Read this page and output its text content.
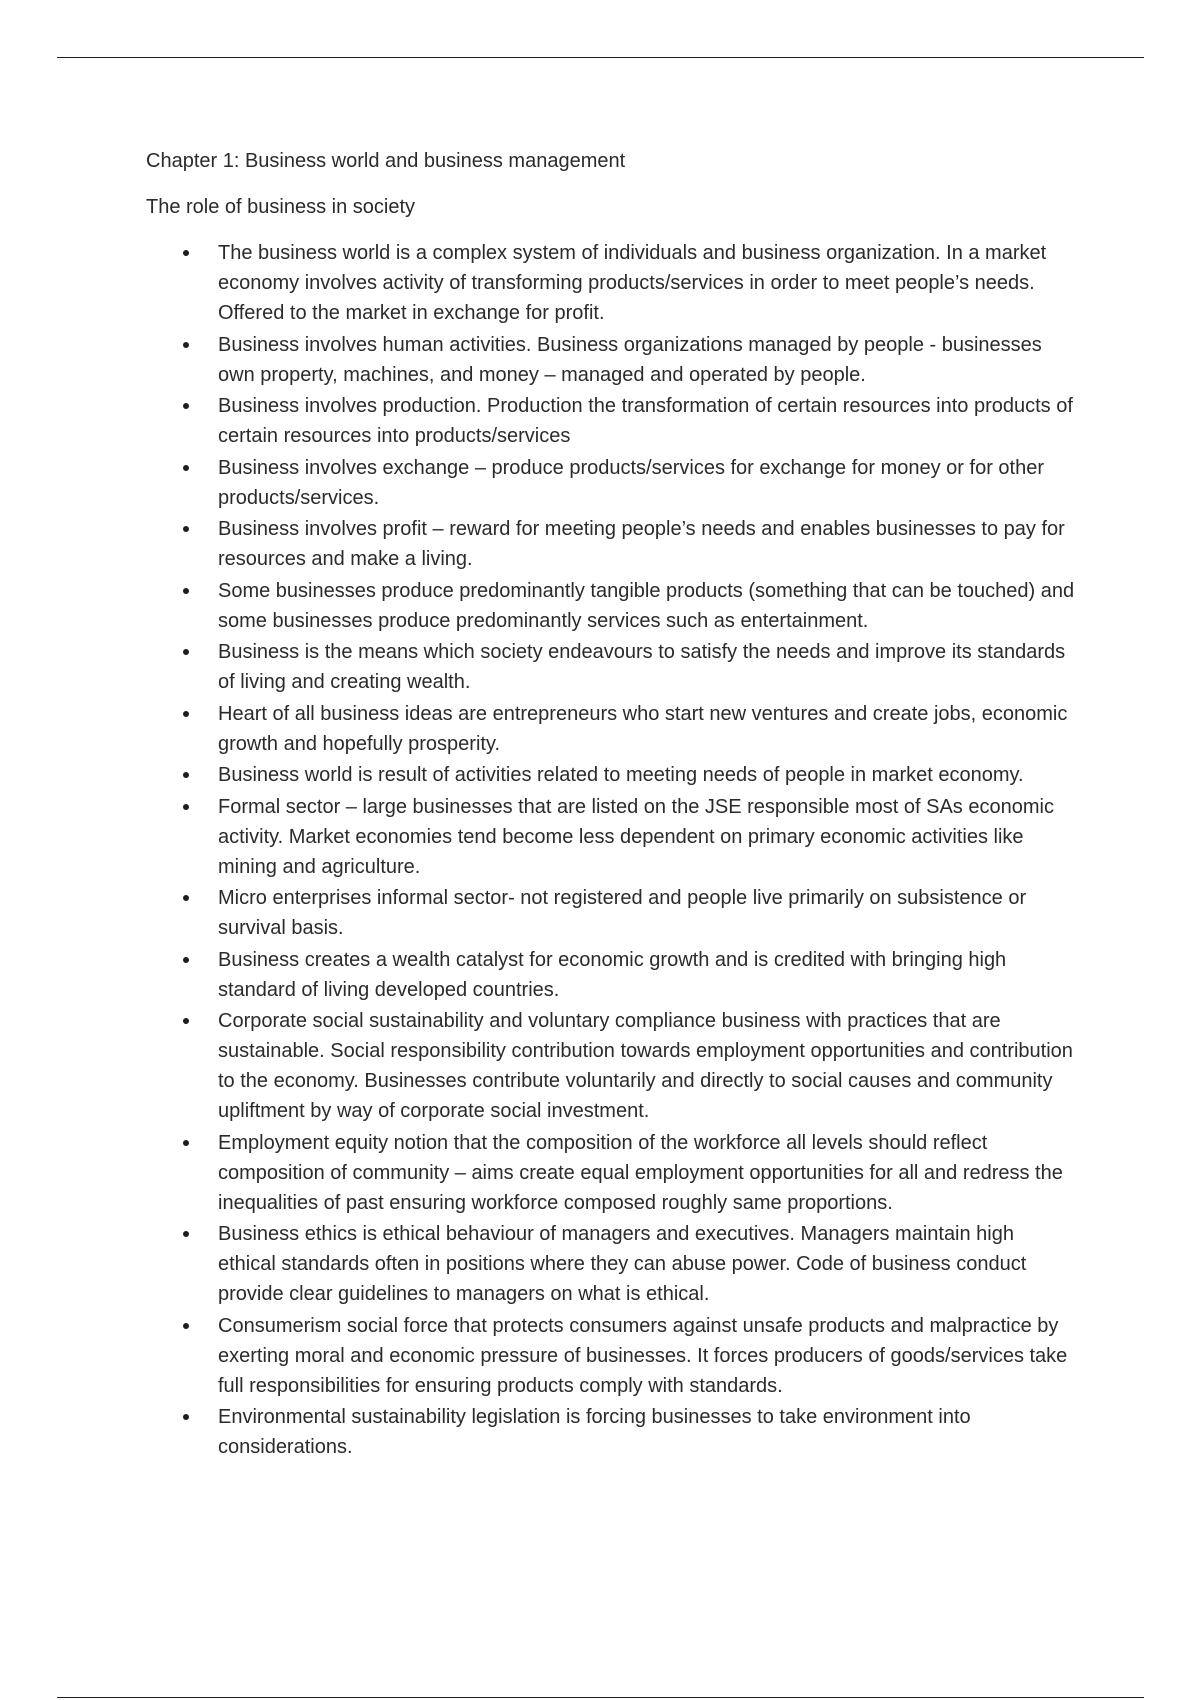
Chapter 1: Business world and business management
The role of business in society
The business world is a complex system of individuals and business organization. In a market economy involves activity of transforming products/services in order to meet people’s needs. Offered to the market in exchange for profit.
Business involves human activities. Business organizations managed by people - businesses own property, machines, and money – managed and operated by people.
Business involves production. Production the transformation of certain resources into products of certain resources into products/services
Business involves exchange – produce products/services for exchange for money or for other products/services.
Business involves profit – reward for meeting people’s needs and enables businesses to pay for resources and make a living.
Some businesses produce predominantly tangible products (something that can be touched) and some businesses produce predominantly services such as entertainment.
Business is the means which society endeavours to satisfy the needs and improve its standards of living and creating wealth.
Heart of all business ideas are entrepreneurs who start new ventures and create jobs, economic growth and hopefully prosperity.
Business world is result of activities related to meeting needs of people in market economy.
Formal sector – large businesses that are listed on the JSE responsible most of SAs economic activity. Market economies tend become less dependent on primary economic activities like mining and agriculture.
Micro enterprises informal sector- not registered and people live primarily on subsistence or survival basis.
Business creates a wealth catalyst for economic growth and is credited with bringing high standard of living developed countries.
Corporate social sustainability and voluntary compliance business with practices that are sustainable. Social responsibility contribution towards employment opportunities and contribution to the economy. Businesses contribute voluntarily and directly to social causes and community upliftment by way of corporate social investment.
Employment equity notion that the composition of the workforce all levels should reflect composition of community – aims create equal employment opportunities for all and redress the inequalities of past ensuring workforce composed roughly same proportions.
Business ethics is ethical behaviour of managers and executives. Managers maintain high ethical standards often in positions where they can abuse power. Code of business conduct provide clear guidelines to managers on what is ethical.
Consumerism social force that protects consumers against unsafe products and malpractice by exerting moral and economic pressure of businesses. It forces producers of goods/services take full responsibilities for ensuring products comply with standards.
Environmental sustainability legislation is forcing businesses to take environment into considerations.
